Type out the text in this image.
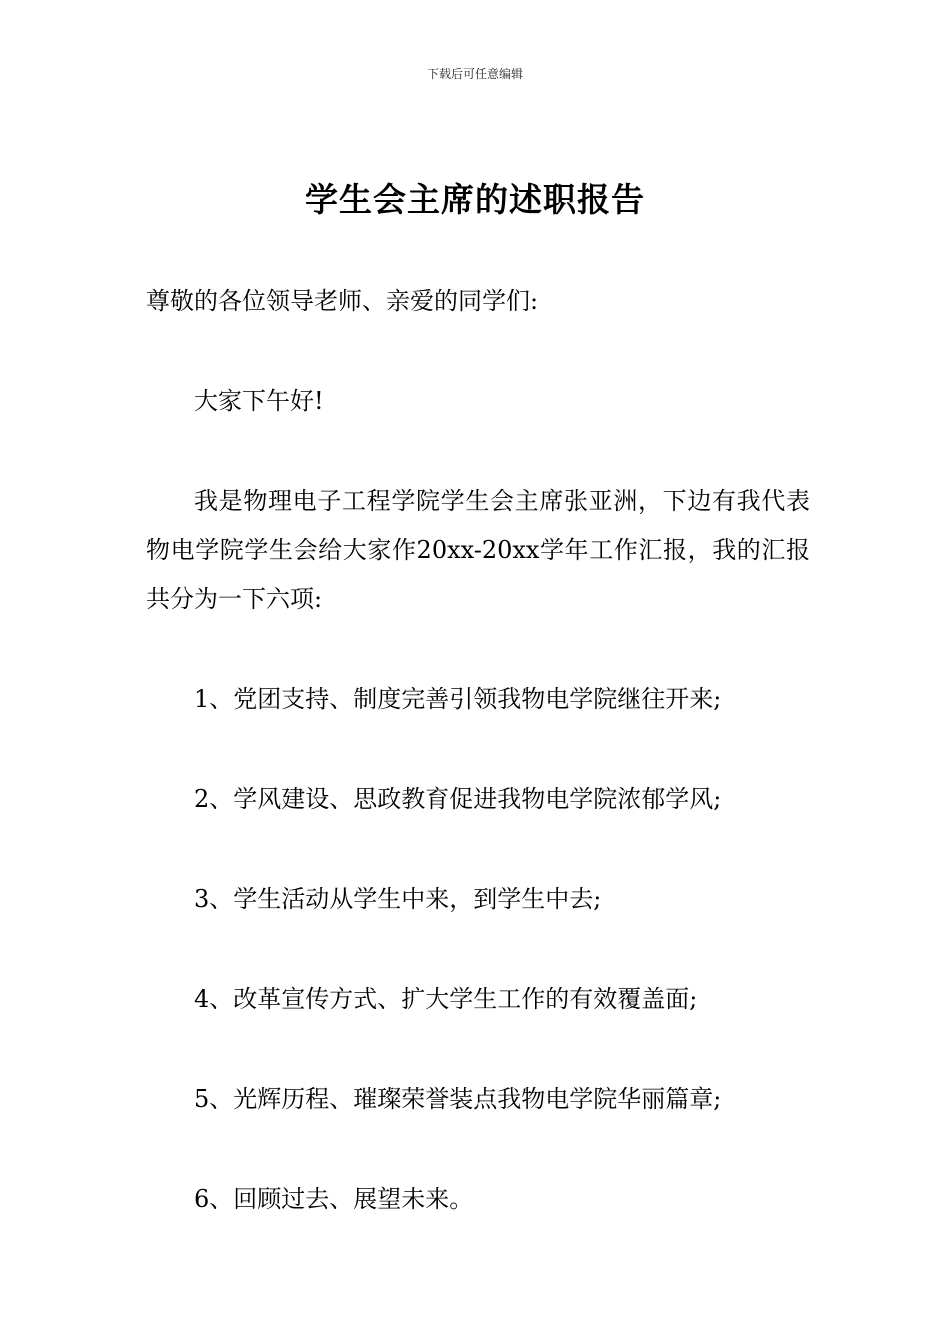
下载后可任意编辑
学生会主席的述职报告

尊敬的各位领导老师、亲爱的同学们:

大家下午好!

我是物理电子工程学院学生会主席张亚洲，下边有我代表物电学院学生会给大家作20xx-20xx学年工作汇报，我的汇报共分为一下六项:

1、党团支持、制度完善引领我物电学院继往开来;

2、学风建设、思政教育促进我物电学院浓郁学风;

3、学生活动从学生中来，到学生中去;

4、改革宣传方式、扩大学生工作的有效覆盖面;

5、光辉历程、璀璨荣誉装点我物电学院华丽篇章;

6、回顾过去、展望未来。
